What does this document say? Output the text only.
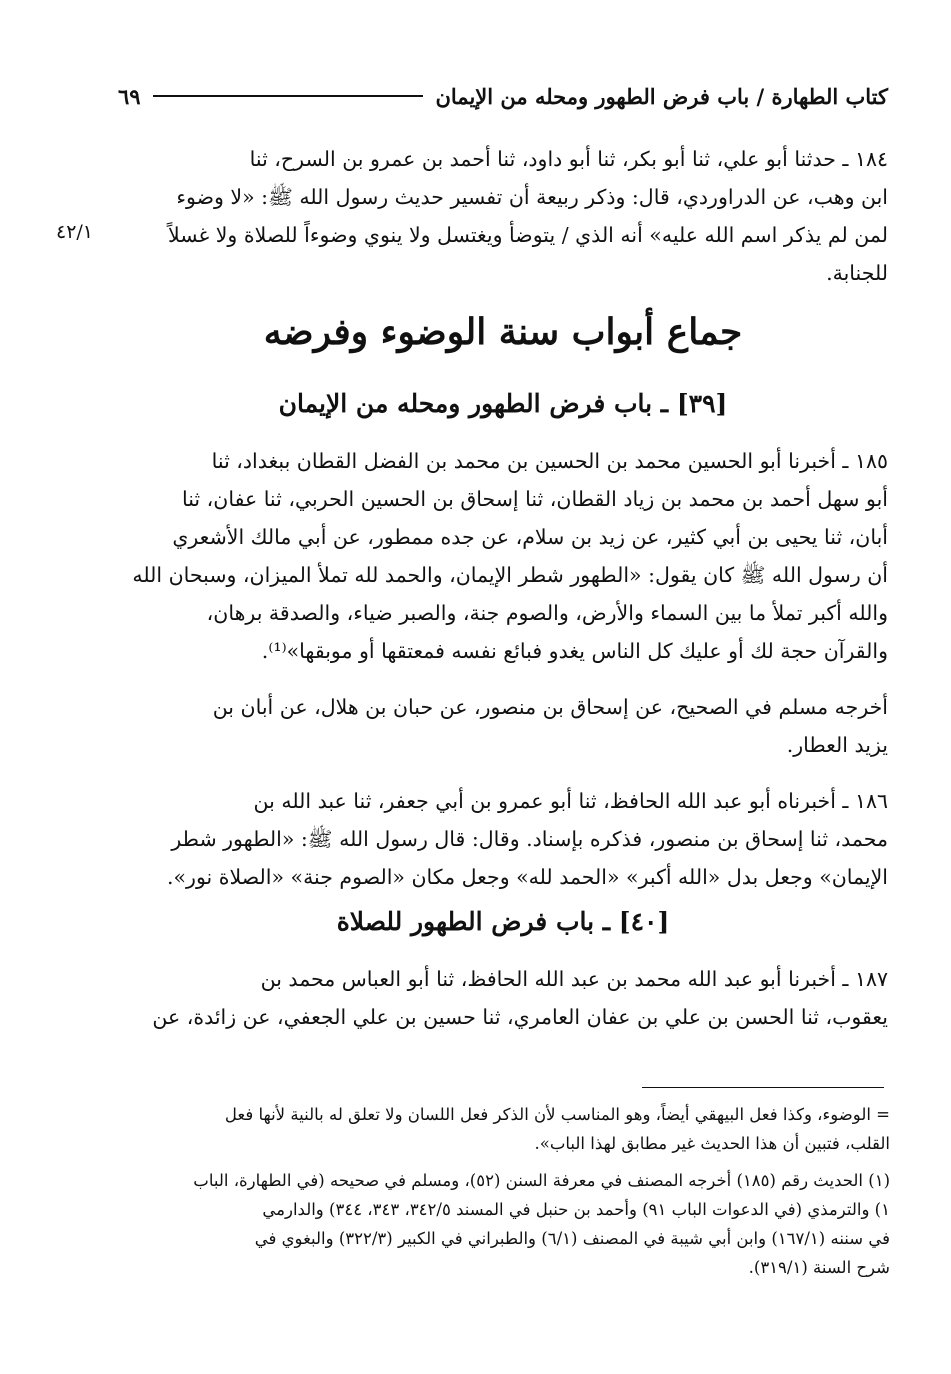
كتاب الطهارة / باب فرض الطهور ومحله من الإيمان
٦٩
٤٢/١

١٨٤ ـ حدثنا أبو علي، ثنا أبو بكر، ثنا أبو داود، ثنا أحمد بن عمرو بن السرح، ثنا

ابن وهب، عن الدراوردي، قال: وذكر ربيعة أن تفسير حديث رسول الله ﷺ: «لا وضوء

لمن لم يذكر اسم الله عليه» أنه الذي / يتوضأ ويغتسل ولا ينوي وضوءاً للصلاة ولا غسلاً

للجنابة.

جماع أبواب سنة الوضوء وفرضه
[٣٩] ـ باب فرض الطهور ومحله من الإيمان

١٨٥ ـ أخبرنا أبو الحسين محمد بن الحسين بن محمد بن الفضل القطان ببغداد، ثنا

أبو سهل أحمد بن محمد بن زياد القطان، ثنا إسحاق بن الحسين الحربي، ثنا عفان، ثنا

أبان، ثنا يحيى بن أبي كثير، عن زيد بن سلام، عن جده ممطور، عن أبي مالك الأشعري

أن رسول الله ﷺ كان يقول: «الطهور شطر الإيمان، والحمد لله تملأ الميزان، وسبحان الله

والله أكبر تملأ ما بين السماء والأرض، والصوم جنة، والصبر ضياء، والصدقة برهان،

والقرآن حجة لك أو عليك كل الناس يغدو فبائع نفسه فمعتقها أو موبقها»⁽¹⁾.

أخرجه مسلم في الصحيح، عن إسحاق بن منصور، عن حبان بن هلال، عن أبان بن

يزيد العطار.

١٨٦ ـ أخبرناه أبو عبد الله الحافظ، ثنا أبو عمرو بن أبي جعفر، ثنا عبد الله بن

محمد، ثنا إسحاق بن منصور، فذكره بإسناد. وقال: قال رسول الله ﷺ: «الطهور شطر

الإيمان» وجعل بدل «الله أكبر» «الحمد لله» وجعل مكان «الصوم جنة» «الصلاة نور».

[٤٠] ـ باب فرض الطهور للصلاة

١٨٧ ـ أخبرنا أبو عبد الله محمد بن عبد الله الحافظ، ثنا أبو العباس محمد بن

يعقوب، ثنا الحسن بن علي بن عفان العامري، ثنا حسين بن علي الجعفي، عن زائدة، عن

= الوضوء، وكذا فعل البيهقي أيضاً، وهو المناسب لأن الذكر فعل اللسان ولا تعلق له بالنية لأنها فعل

القلب، فتبين أن هذا الحديث غير مطابق لهذا الباب».

(١) الحديث رقم (١٨٥) أخرجه المصنف في معرفة السنن (٥٢)، ومسلم في صحيحه (في الطهارة، الباب

١) والترمذي (في الدعوات الباب ٩١) وأحمد بن حنبل في المسند ٣٤٢/٥، ٣٤٣، ٣٤٤) والدارمي

في سننه (١٦٧/١) وابن أبي شيبة في المصنف (٦/١) والطبراني في الكبير (٣٢٢/٣) والبغوي في

شرح السنة (٣١٩/١).
